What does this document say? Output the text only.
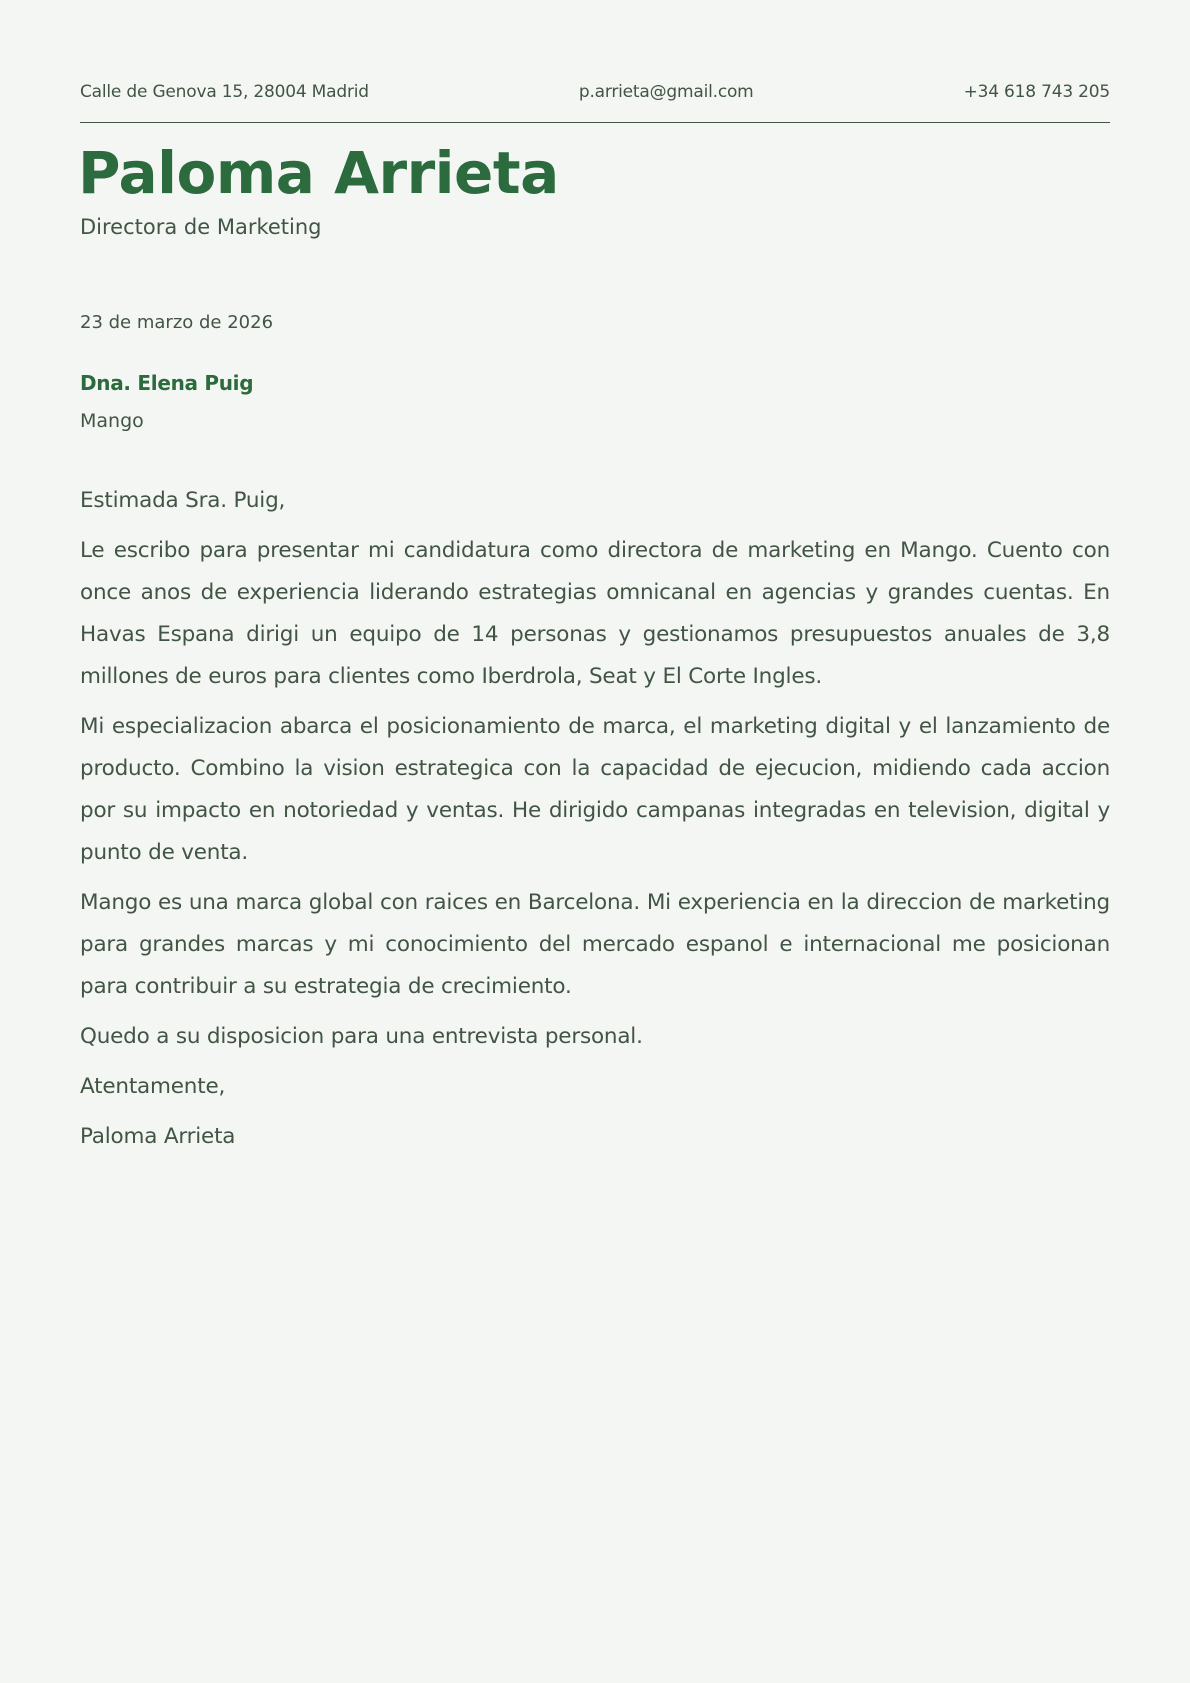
Calle de Genova 15, 28004 Madrid	p.arrieta@gmail.com	+34 618 743 205
Paloma Arrieta
Directora de Marketing
23 de marzo de 2026
Dna. Elena Puig
Mango

Estimada Sra. Puig,

Le escribo para presentar mi candidatura como directora de marketing en Mango. Cuento con once anos de experiencia liderando estrategias omnicanal en agencias y grandes cuentas. En Havas Espana dirigi un equipo de 14 personas y gestionamos presupuestos anuales de 3,8 millones de euros para clientes como Iberdrola, Seat y El Corte Ingles.

Mi especializacion abarca el posicionamiento de marca, el marketing digital y el lanzamiento de producto. Combino la vision estrategica con la capacidad de ejecucion, midiendo cada accion por su impacto en notoriedad y ventas. He dirigido campanas integradas en television, digital y punto de venta.

Mango es una marca global con raices en Barcelona. Mi experiencia en la direccion de marketing para grandes marcas y mi conocimiento del mercado espanol e internacional me posicionan para contribuir a su estrategia de crecimiento.

Quedo a su disposicion para una entrevista personal.

Atentamente,

Paloma Arrieta
